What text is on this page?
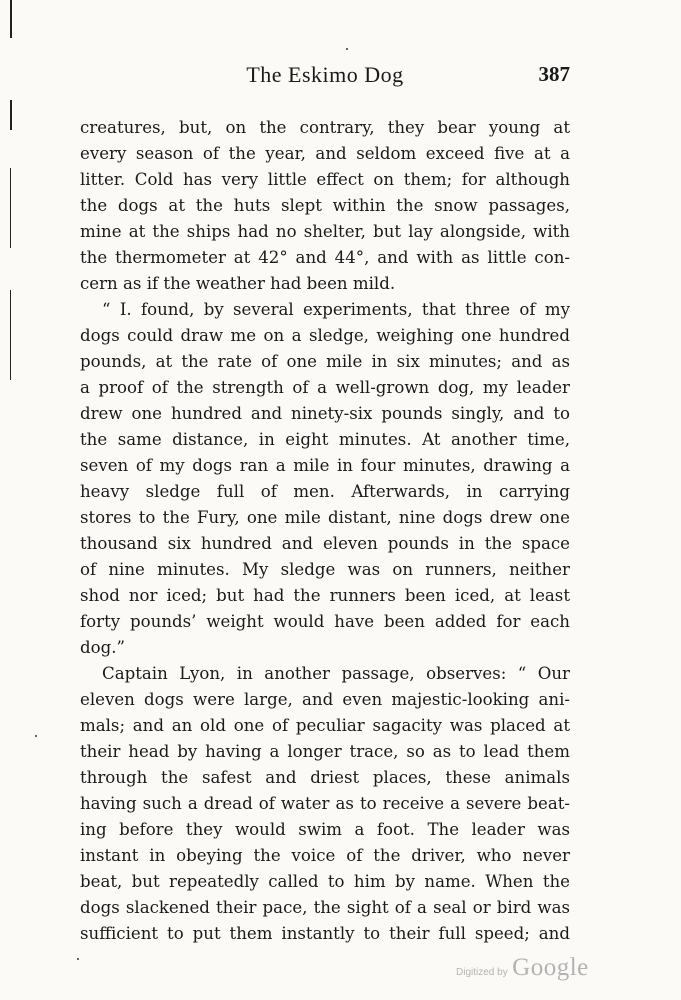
The Eskimo Dog	387
creatures, but, on the contrary, they bear young at
every season of the year, and seldom exceed five at a
litter. Cold has very little effect on them; for although
the dogs at the huts slept within the snow passages,
mine at the ships had no shelter, but lay alongside, with
the thermometer at 42° and 44°, and with as little con-
cern as if the weather had been mild.
“ I. found, by several experiments, that three of my
dogs could draw me on a sledge, weighing one hundred
pounds, at the rate of one mile in six minutes; and as
a proof of the strength of a well-grown dog, my leader
drew one hundred and ninety-six pounds singly, and to
the same distance, in eight minutes. At another time,
seven of my dogs ran a mile in four minutes, drawing a
heavy sledge full of men. Afterwards, in carrying
stores to the Fury, one mile distant, nine dogs drew one
thousand six hundred and eleven pounds in the space
of nine minutes. My sledge was on runners, neither
shod nor iced; but had the runners been iced, at least
forty pounds’ weight would have been added for each
dog.”
Captain Lyon, in another passage, observes: “ Our
eleven dogs were large, and even majestic-looking ani-
mals; and an old one of peculiar sagacity was placed at
their head by having a longer trace, so as to lead them
through the safest and driest places, these animals
having such a dread of water as to receive a severe beat-
ing before they would swim a foot. The leader was
instant in obeying the voice of the driver, who never
beat, but repeatedly called to him by name. When the
dogs slackened their pace, the sight of a seal or bird was
sufficient to put them instantly to their full speed; and
Digitized by Google
